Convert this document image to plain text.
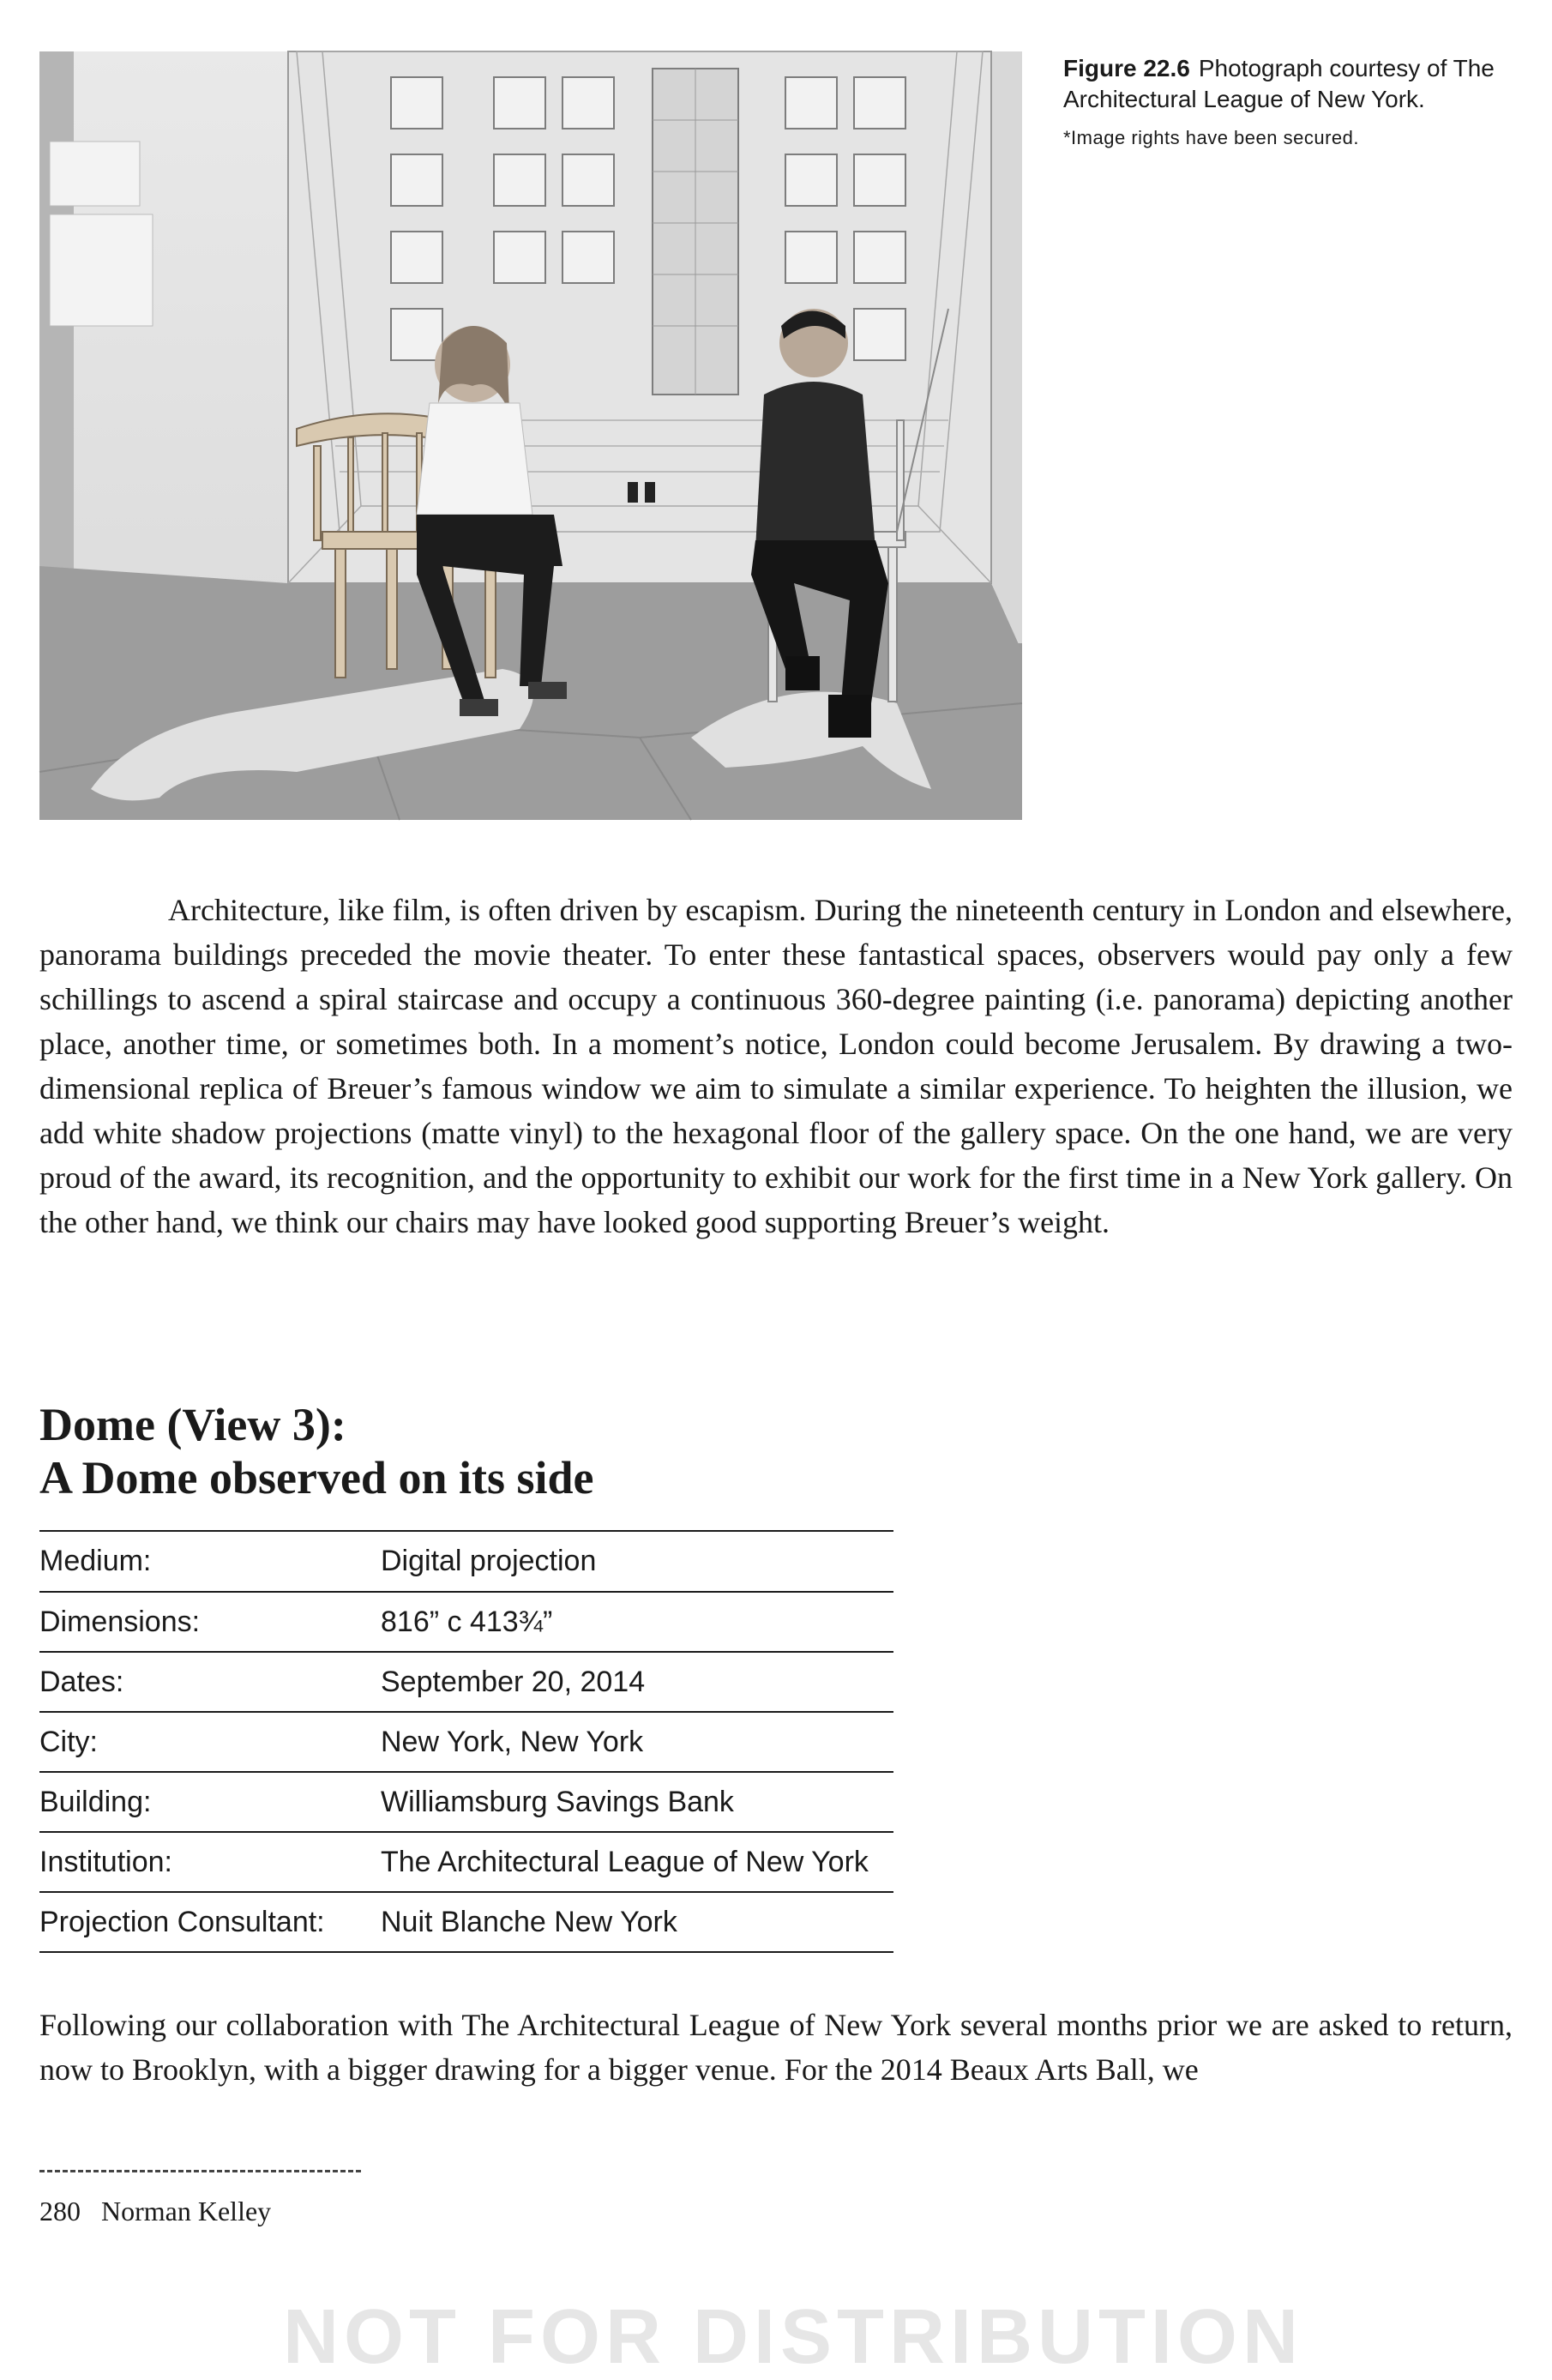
Figure 22.6 Photograph courtesy of The Architectural League of New York.
*Image rights have been secured.

Architecture, like film, is often driven by escapism. During the nineteenth century in London and elsewhere, panorama buildings preceded the movie theater. To enter these fantastical spaces, observers would pay only a few schillings to ascend a spiral staircase and occupy a continuous 360-degree painting (i.e. panorama) depicting another place, another time, or sometimes both. In a moment’s notice, London could become Jerusalem. By drawing a two-dimensional replica of Breuer’s famous window we aim to simulate a similar experience. To heighten the illusion, we add white shadow projections (matte vinyl) to the hexagonal floor of the gallery space. On the one hand, we are very proud of the award, its recognition, and the opportunity to exhibit our work for the first time in a New York gallery. On the other hand, we think our chairs may have looked good supporting Breuer’s weight.

Dome (View 3):
A Dome observed on its side
Medium:	Digital projection
Dimensions:	816” c 413¾”
Dates:	September 20, 2014
City:	New York, New York
Building:	Williamsburg Savings Bank
Institution:	The Architectural League of New York
Projection Consultant:	Nuit Blanche New York

Following our collaboration with The Architectural League of New York several months prior we are asked to return, now to Brooklyn, with a bigger drawing for a bigger venue. For the 2014 Beaux Arts Ball, we

280 Norman Kelley
NOT FOR DISTRIBUTION
